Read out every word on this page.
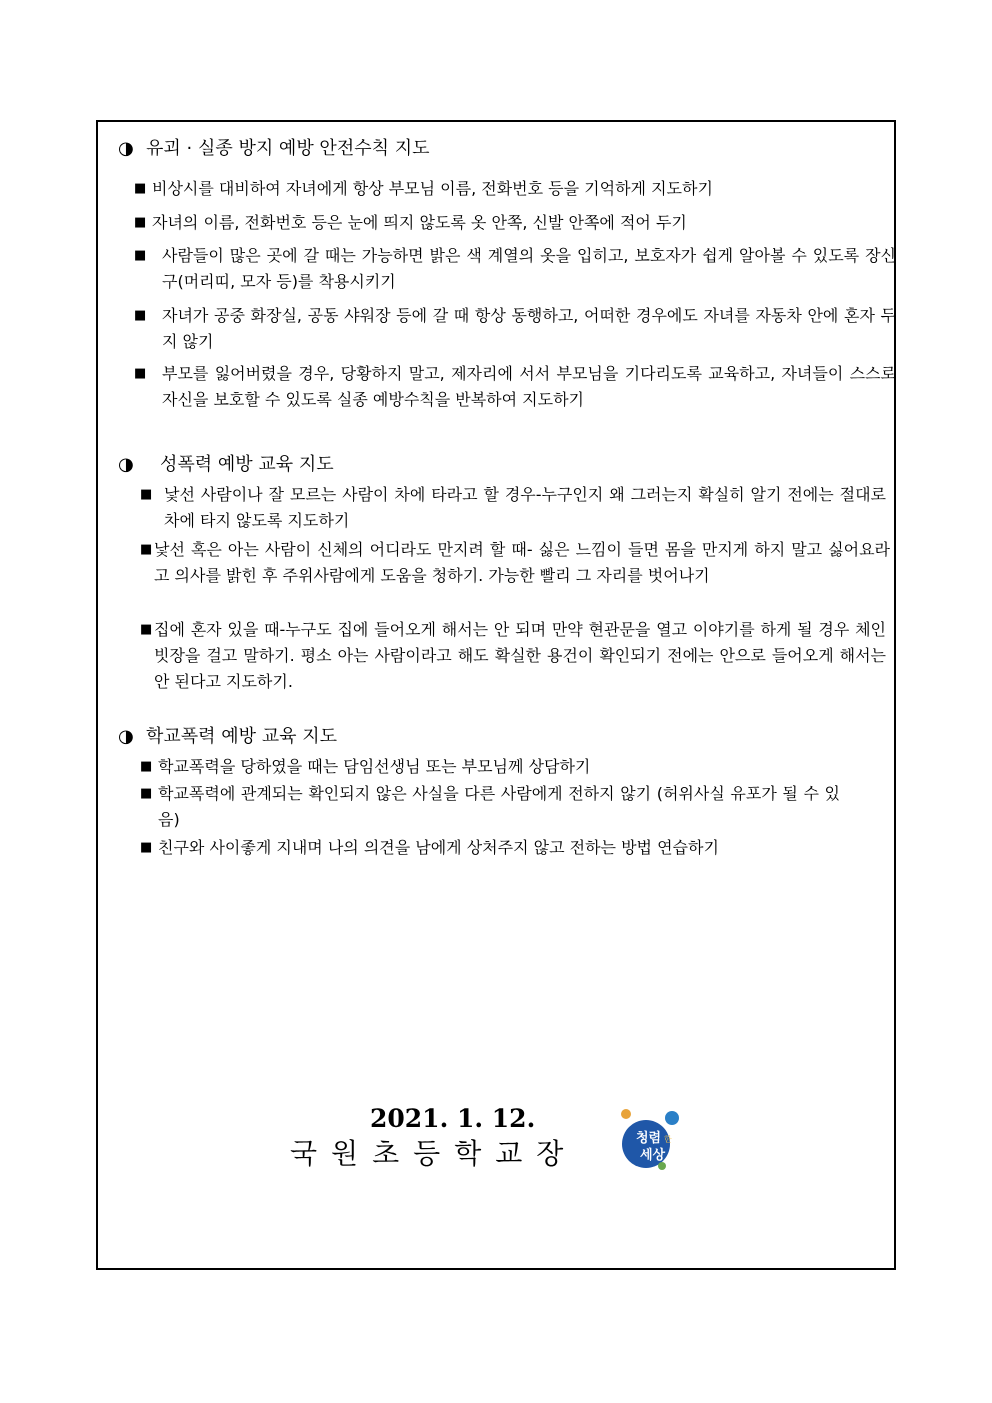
◑ 유괴 · 실종 방지 예방 안전수칙 지도
■ 비상시를 대비하여 자녀에게 항상 부모님 이름, 전화번호 등을 기억하게 지도하기
■ 자녀의 이름, 전화번호 등은 눈에 띄지 않도록 옷 안쪽, 신발 안쪽에 적어 두기
■ 사람들이 많은 곳에 갈 때는 가능하면 밝은 색 계열의 옷을 입히고, 보호자가 쉽게 알아볼 수 있도록 장신구(머리띠, 모자 등)를 착용시키기
■ 자녀가 공중 화장실, 공동 샤워장 등에 갈 때 항상 동행하고, 어떠한 경우에도 자녀를 자동차 안에 혼자 두지 않기
■ 부모를 잃어버렸을 경우, 당황하지 말고, 제자리에 서서 부모님을 기다리도록 교육하고, 자녀들이 스스로 자신을 보호할 수 있도록 실종 예방수칙을 반복하여 지도하기
◑ 성폭력 예방 교육 지도
■ 낯선 사람이나 잘 모르는 사람이 차에 타라고 할 경우-누구인지 왜 그러는지 확실히 알기 전에는 절대로 차에 타지 않도록 지도하기
■ 낯선 혹은 아는 사람이 신체의 어디라도 만지려 할 때- 싫은 느낌이 들면 몸을 만지게 하지 말고 싫어요라고 의사를 밝힌 후 주위사람에게 도움을 청하기. 가능한 빨리 그 자리를 벗어나기
■ 집에 혼자 있을 때-누구도 집에 들어오게 해서는 안 되며 만약 현관문을 열고 이야기를 하게 될 경우 체인 빗장을 걸고 말하기. 평소 아는 사람이라고 해도 확실한 용건이 확인되기 전에는 안으로 들어오게 해서는 안 된다고 지도하기.
◑ 학교폭력 예방 교육 지도
■ 학교폭력을 당하였을 때는 담임선생님 또는 부모님께 상담하기
■ 학교폭력에 관계되는 확인되지 않은 사실을 다른 사람에게 전하지 않기 (허위사실 유포가 될 수 있음)
■ 친구와 사이좋게 지내며 나의 의견을 남에게 상처주지 않고 전하는 방법 연습하기
2021. 1. 12.
국원초등학교장	청렴 한
세상
